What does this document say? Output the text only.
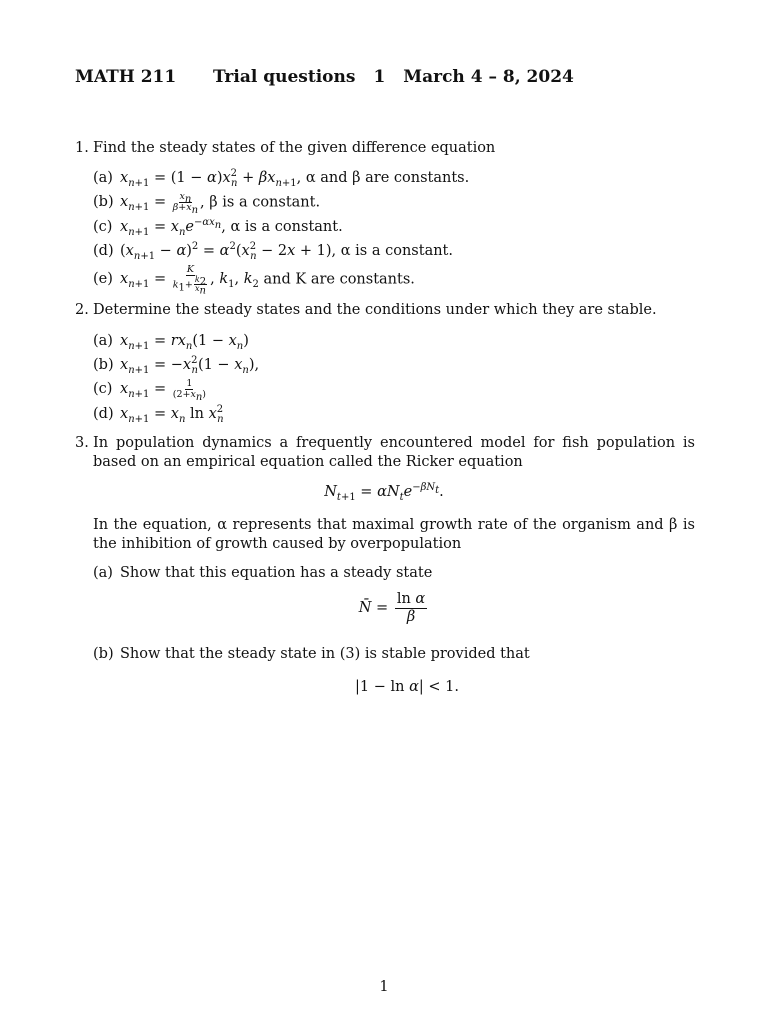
MATH 211 Trial questions 1 March 4 – 8, 2024
1. Find the steady states of the given difference equation
(a) $x_{n+1} = (1 - \alpha)x^2_n + \beta x_{n+1}$, α and β are constants.
(b) $x_{n+1} = \frac{x_n}{\beta+x_n}$ , β is a constant.
(c) $x_{n+1} = x_ne^{-\alpha x_n}$, α is a constant.
(d) $(x_{n+1} - \alpha)^2 = \alpha^2(x^2_n - 2x + 1)$, α is a constant.
(e) $x_{n+1} = \frac{K}{k_1+ \frac{k_2}{x_n}}$ , $k_1$, $k_2$ and K are constants.
2. Determine the steady states and the conditions under which they are stable.
(a) $x_{n+1} = rx_n(1 - x_n)$
(b) $x_{n+1} = -x^2_n(1 - x_n)$,
(c) $x_{n+1} = \frac{1}{(2+x_n)}$
(d) $x_{n+1} = x_n$ $\ln x^2_n$
3. In population dynamics a frequently encountered model for fish population is based on an empirical equation called the Ricker equation
$N_{t+1} = \alpha N_te^{-\beta N_t}$.
In the equation, α represents that maximal growth rate of the organism and β is the inhibition of growth caused by overpopulation
(a) Show that this equation has a steady state
N̄ = $\frac{\text{ln α}}{\beta}$
(b) Show that the steady state in (3) is stable provided that
|1 − ln α| < 1.
1
